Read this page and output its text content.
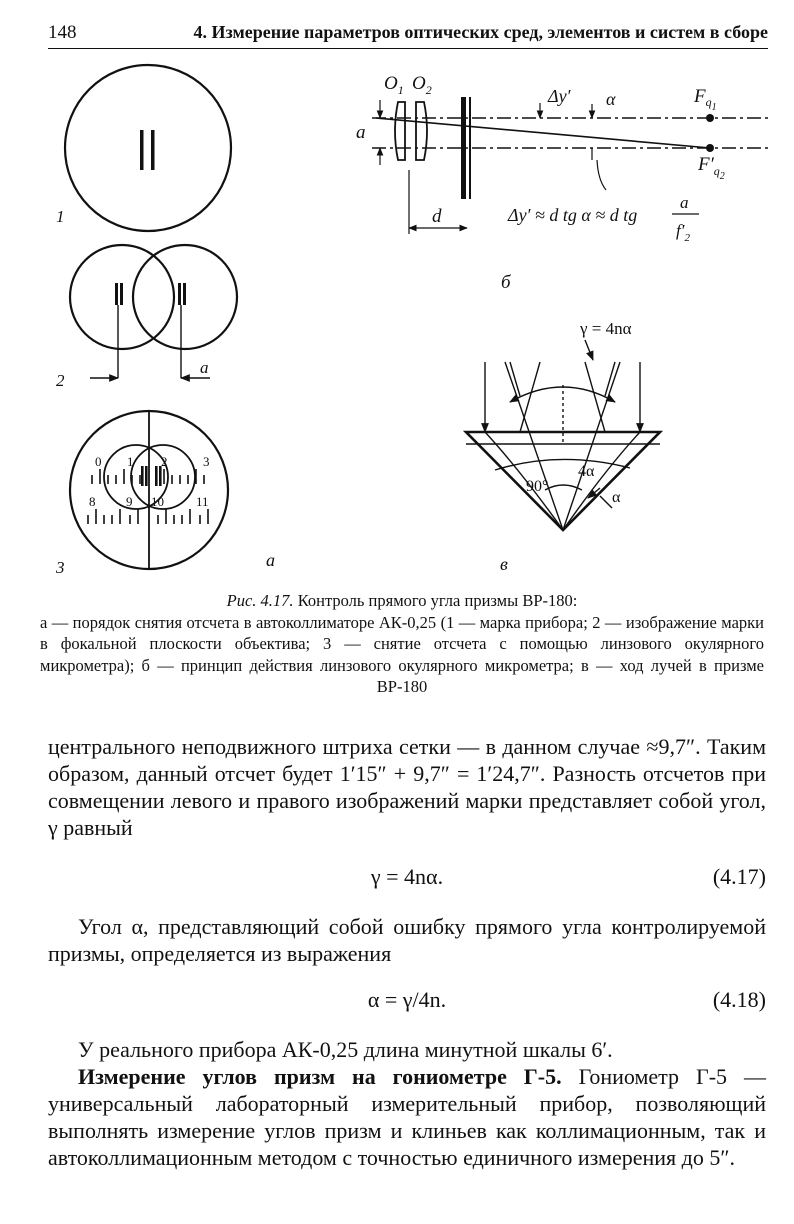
148	4. Измерение параметров оптических сред, элементов и систем в сборе
1
2
a
3
0 1 2	3
8 9 10 11
a
$O_1$ $O_2$	Δy′ α	$F_{q1}$
$F'_{q2}$
a
d	Δy′ ≈ d tg α ≈ d tg
a
$f'_2$
б
γ = 4nα
90°
4α
α
в
Рис. 4.17. Контроль прямого угла призмы ВР-180:
а — порядок снятия отсчета в автоколлиматоре АК-0,25 (1 — марка прибора; 2 — изображение марки в фокальной плоскости объектива; 3 — снятие отсчета с помощью линзового окулярного микрометра); б — принцип действия линзового окулярного микрометра; в — ход лучей в призме ВР-180
центрального неподвижного штриха сетки — в данном случае ≈9,7″. Таким образом, данный отсчет будет 1′15″ + 9,7″ = 1′24,7″. Разность отсчетов при совмещении левого и правого изображений марки представляет собой угол, γ равный
γ = 4nα.	(4.17)
Угол α, представляющий собой ошибку прямого угла контролируемой призмы, определяется из выражения
α = γ/4n.	(4.18)
У реального прибора АК-0,25 длина минутной шкалы 6′.
Измерение углов призм на гониометре Г-5. Гониометр Г-5 — универсальный лабораторный измерительный прибор, позволяющий выполнять измерение углов призм и клиньев как коллимационным, так и автоколлимационным методом с точностью единичного измерения до 5″.
